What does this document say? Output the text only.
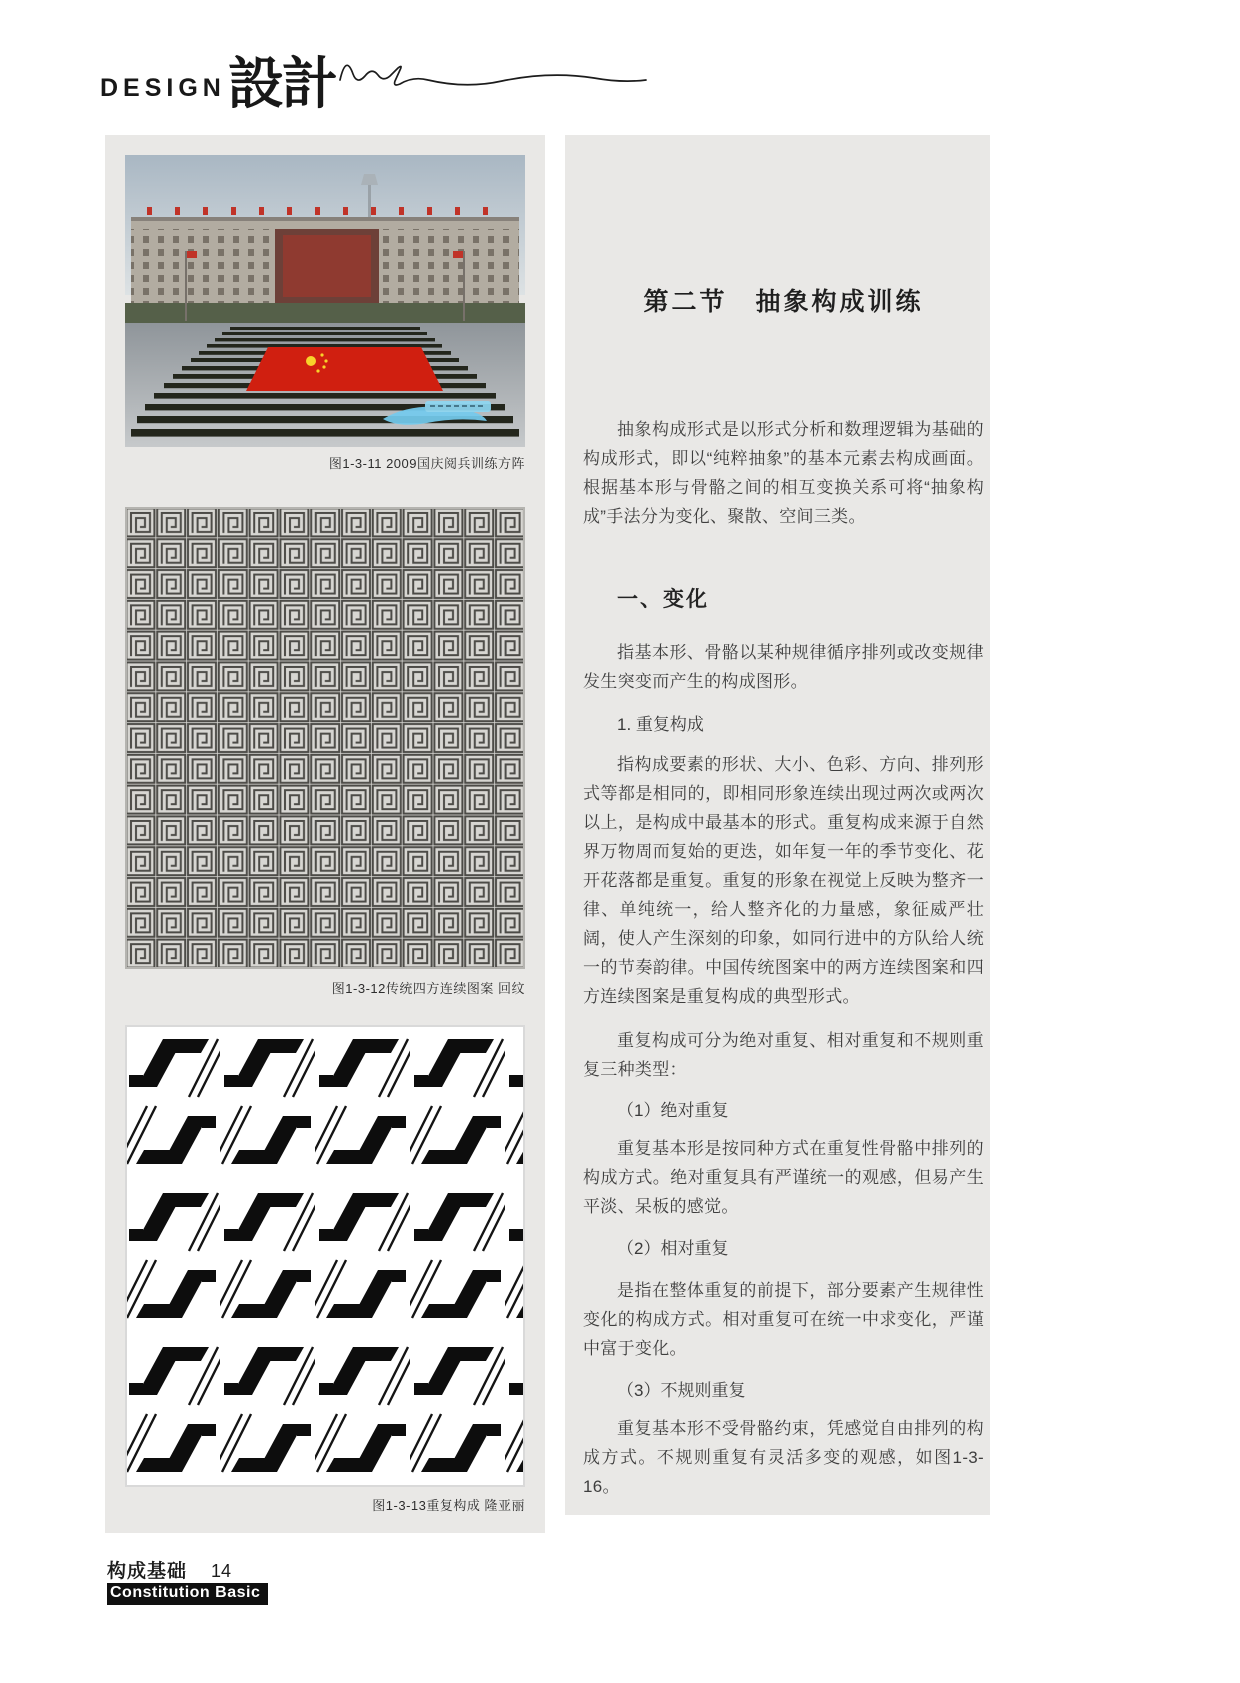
DESIGN 設計
图1-3-11 2009国庆阅兵训练方阵
图1-3-12传统四方连续图案 回纹
图1-3-13重复构成 隆亚丽
第二节　抽象构成训练

抽象构成形式是以形式分析和数理逻辑为基础的构成形式，即以“纯粹抽象”的基本元素去构成画面。根据基本形与骨骼之间的相互变换关系可将“抽象构成”手法分为变化、聚散、空间三类。

一、变化

指基本形、骨骼以某种规律循序排列或改变规律发生突变而产生的构成图形。

1. 重复构成

指构成要素的形状、大小、色彩、方向、排列形式等都是相同的，即相同形象连续出现过两次或两次以上，是构成中最基本的形式。重复构成来源于自然界万物周而复始的更迭，如年复一年的季节变化、花开花落都是重复。重复的形象在视觉上反映为整齐一律、单纯统一，给人整齐化的力量感，象征威严壮阔，使人产生深刻的印象，如同行进中的方队给人统一的节奏韵律。中国传统图案中的两方连续图案和四方连续图案是重复构成的典型形式。

重复构成可分为绝对重复、相对重复和不规则重复三种类型：

（1）绝对重复

重复基本形是按同种方式在重复性骨骼中排列的构成方式。绝对重复具有严谨统一的观感，但易产生平淡、呆板的感觉。

（2）相对重复

是指在整体重复的前提下，部分要素产生规律性变化的构成方式。相对重复可在统一中求变化，严谨中富于变化。

（3）不规则重复

重复基本形不受骨骼约束，凭感觉自由排列的构成方式。不规则重复有灵活多变的观感，如图1-3-16。

构成基础 14
Constitution Basic
